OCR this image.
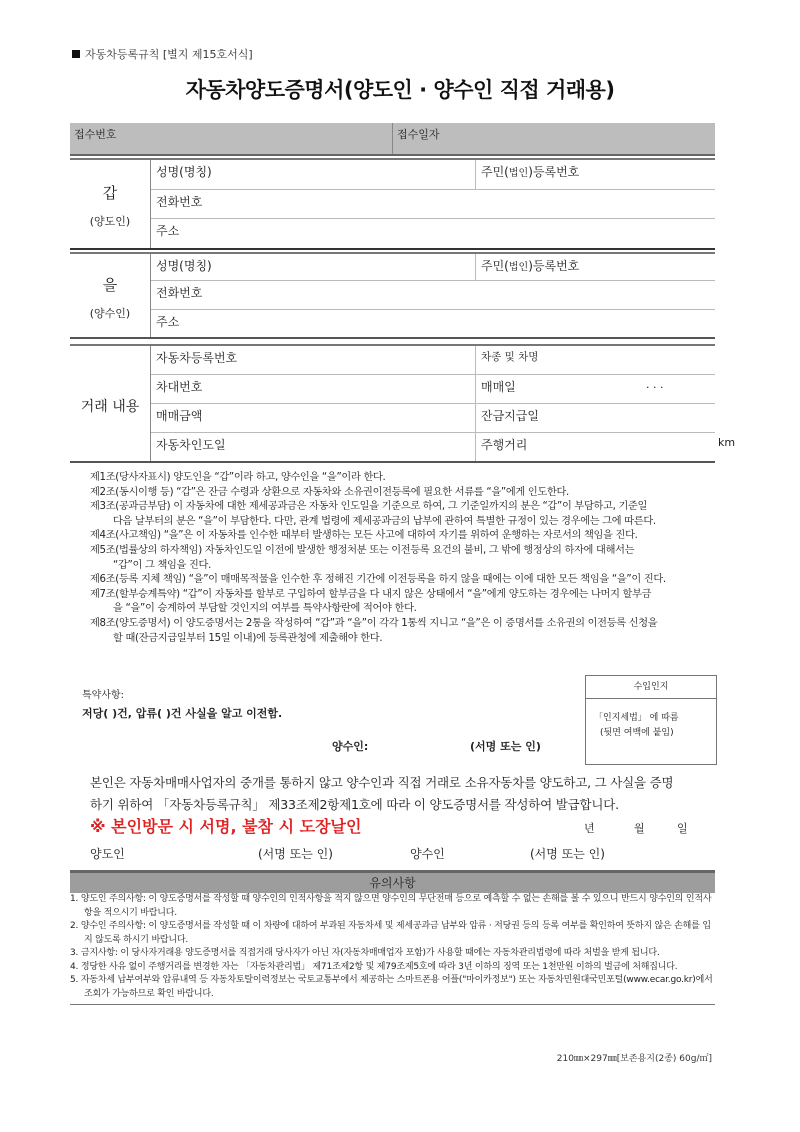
자동차등록규칙 [별지 제15호서식]
자동차양도증명서(양도인 · 양수인 직접 거래용)
접수번호	접수일자
갑
(양도인)
성명(명칭)	주민(법인)등록번호
전화번호
주소
을
(양수인)
성명(명칭)	주민(법인)등록번호
전화번호
주소
거래 내용
자동차등록번호	차종 및 차명
차대번호	매매일	. . .
매매금액	잔금지급일
자동차인도일	주행거리	km

제1조(당사자표시) 양도인을 “갑”이라 하고, 양수인을 “을”이라 한다.

제2조(동시이행 등) “갑”은 잔금 수령과 상환으로 자동차와 소유권이전등록에 필요한 서류를 “을”에게 인도한다.

제3조(공과금부담) 이 자동차에 대한 제세공과금은 자동차 인도일을 기준으로 하여, 그 기준일까지의 분은 “갑”이 부담하고, 기준일

다음 날부터의 분은 “을”이 부담한다. 다만, 관계 법령에 제세공과금의 납부에 관하여 특별한 규정이 있는 경우에는 그에 따른다.

제4조(사고책임) “을”은 이 자동차를 인수한 때부터 발생하는 모든 사고에 대하여 자기를 위하여 운행하는 자로서의 책임을 진다.

제5조(법률상의 하자책임) 자동차인도일 이전에 발생한 행정처분 또는 이전등록 요건의 불비, 그 밖에 행정상의 하자에 대해서는

“갑”이 그 책임을 진다.

제6조(등록 지체 책임) “을”이 매매목적물을 인수한 후 정해진 기간에 이전등록을 하지 않을 때에는 이에 대한 모든 책임을 “을”이 진다.

제7조(할부승계특약) “갑”이 자동차를 할부로 구입하여 할부금을 다 내지 않은 상태에서 “을”에게 양도하는 경우에는 나머지 할부금

을 “을”이 승계하여 부담할 것인지의 여부를 특약사항란에 적어야 한다.

제8조(양도증명서) 이 양도증명서는 2통을 작성하여 “갑”과 “을”이 각각 1통씩 지니고 “을”은 이 증명서를 소유권의 이전등록 신청을

할 때(잔금지급일부터 15일 이내)에 등록관청에 제출해야 한다.

특약사항:
저당( )건, 압류( )건 사실을 알고 이전함.
양수인:	(서명 또는 인)
수입인지
「인지세법」 에 따름
(뒷면 여백에 붙임)
본인은 자동차매매사업자의 중개를 통하지 않고 양수인과 직접 거래로 소유자동차를 양도하고, 그 사실을 증명
하기 위하여 「자동차등록규칙」 제33조제2항제1호에 따라 이 양도증명서를 작성하여 발급합니다.
※ 본인방문 시 서명, 불참 시 도장날인	년	월	일
양도인	(서명 또는 인)	양수인	(서명 또는 인)
유의사항

1. 양도인 주의사항: 이 양도증명서를 작성할 때 양수인의 인적사항을 적지 않으면 양수인의 무단전매 등으로 예측할 수 없는 손해를 볼 수 있으니 반드시 양수인의 인적사항을 적으시기 바랍니다.

2. 양수인 주의사항: 이 양도증명서를 작성할 때 이 차량에 대하여 부과된 자동차세 및 제세공과금 납부와 압류 · 저당권 등의 등록 여부를 확인하여 뜻하지 않은 손해를 입지 않도록 하시기 바랍니다.

3. 금지사항: 이 당사자거래용 양도증명서를 직접거래 당사자가 아닌 자(자동차매매업자 포함)가 사용할 때에는 자동차관리법령에 따라 처벌을 받게 됩니다.

4. 정당한 사유 없이 주행거리를 변경한 자는 「자동차관리법」 제71조제2항 및 제79조제5호에 따라 3년 이하의 징역 또는 1천만원 이하의 벌금에 처해집니다.

5. 자동차세 납부여부와 압류내역 등 자동차토탈이력정보는 국토교통부에서 제공하는 스마트폰용 어플("마이카정보") 또는 자동차민원대국민포털(www.ecar.go.kr)에서 조회가 가능하므로 확인 바랍니다.

210㎜×297㎜[보존용지(2종) 60g/㎡]
